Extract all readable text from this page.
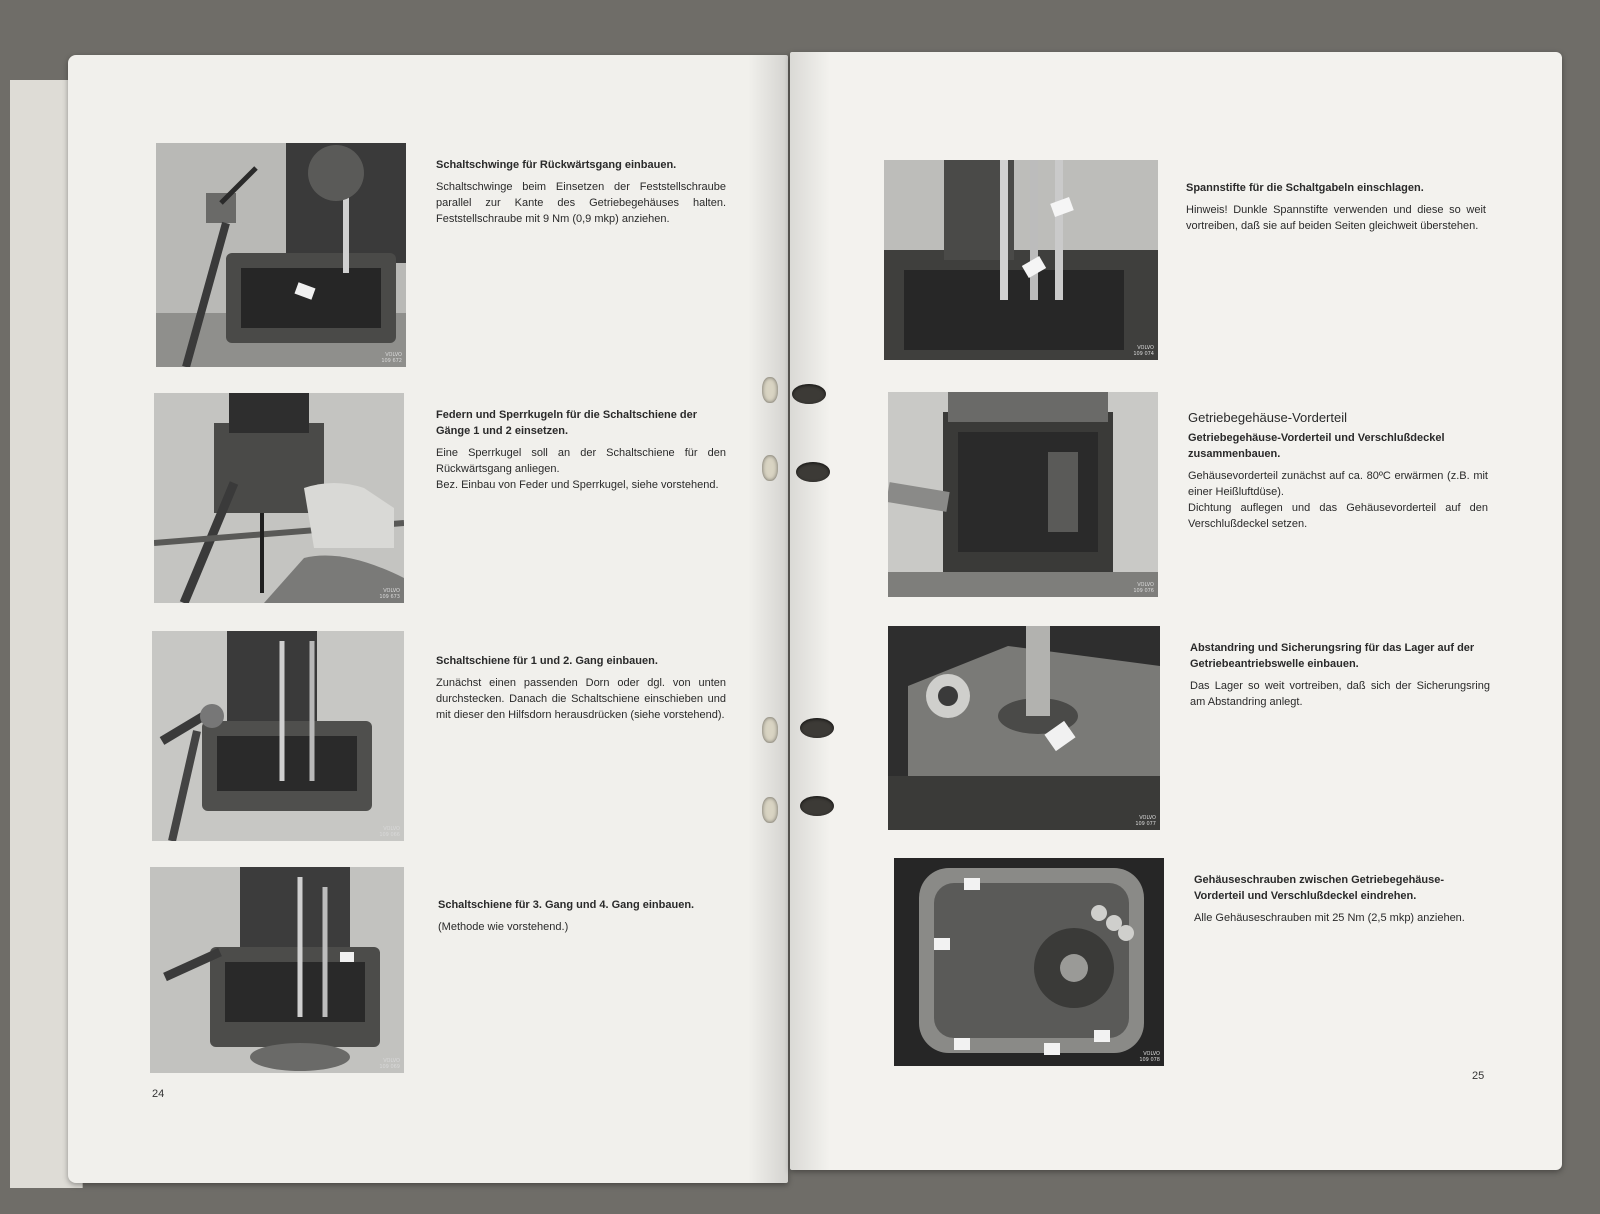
VOLVO
109 672
Schaltschwinge für Rückwärtsgang einbauen.

Schaltschwinge beim Einsetzen der Feststellschraube parallel zur Kante des Getriebegehäuses halten. Feststellschraube mit 9 Nm (0,9 mkp) anziehen.

VOLVO
109 673
Federn und Sperrkugeln für die Schaltschiene der Gänge 1 und 2 einsetzen.

Eine Sperrkugel soll an der Schaltschiene für den Rückwärtsgang anliegen.

Bez. Einbau von Feder und Sperrkugel, siehe vorstehend.

VOLVO
109 066
Schaltschiene für 1 und 2. Gang einbauen.

Zunächst einen passenden Dorn oder dgl. von unten durchstecken. Danach die Schaltschiene einschieben und mit dieser den Hilfsdorn herausdrücken (siehe vorstehend).

VOLVO
109 069
Schaltschiene für 3. Gang und 4. Gang einbauen.

(Methode wie vorstehend.)

24
VOLVO
109 074
Spannstifte für die Schaltgabeln einschlagen.

Hinweis! Dunkle Spannstifte verwenden und diese so weit vortreiben, daß sie auf beiden Seiten gleichweit überstehen.

VOLVO
109 076
Getriebegehäuse-Vorderteil
Getriebegehäuse-Vorderteil und Verschlußdeckel zusammenbauen.

Gehäusevorderteil zunächst auf ca. 80ºC erwärmen (z.B. mit einer Heißluftdüse).

Dichtung auflegen und das Gehäusevorderteil auf den Verschlußdeckel setzen.

VOLVO
109 077
Abstandring und Sicherungsring für das Lager auf der Getriebeantriebswelle einbauen.

Das Lager so weit vortreiben, daß sich der Sicherungsring am Abstandring anlegt.

VOLVO
109 078
Gehäuseschrauben zwischen Getriebegehäuse-Vorderteil und Verschlußdeckel eindrehen.

Alle Gehäuseschrauben mit 25 Nm (2,5 mkp) anziehen.

25
